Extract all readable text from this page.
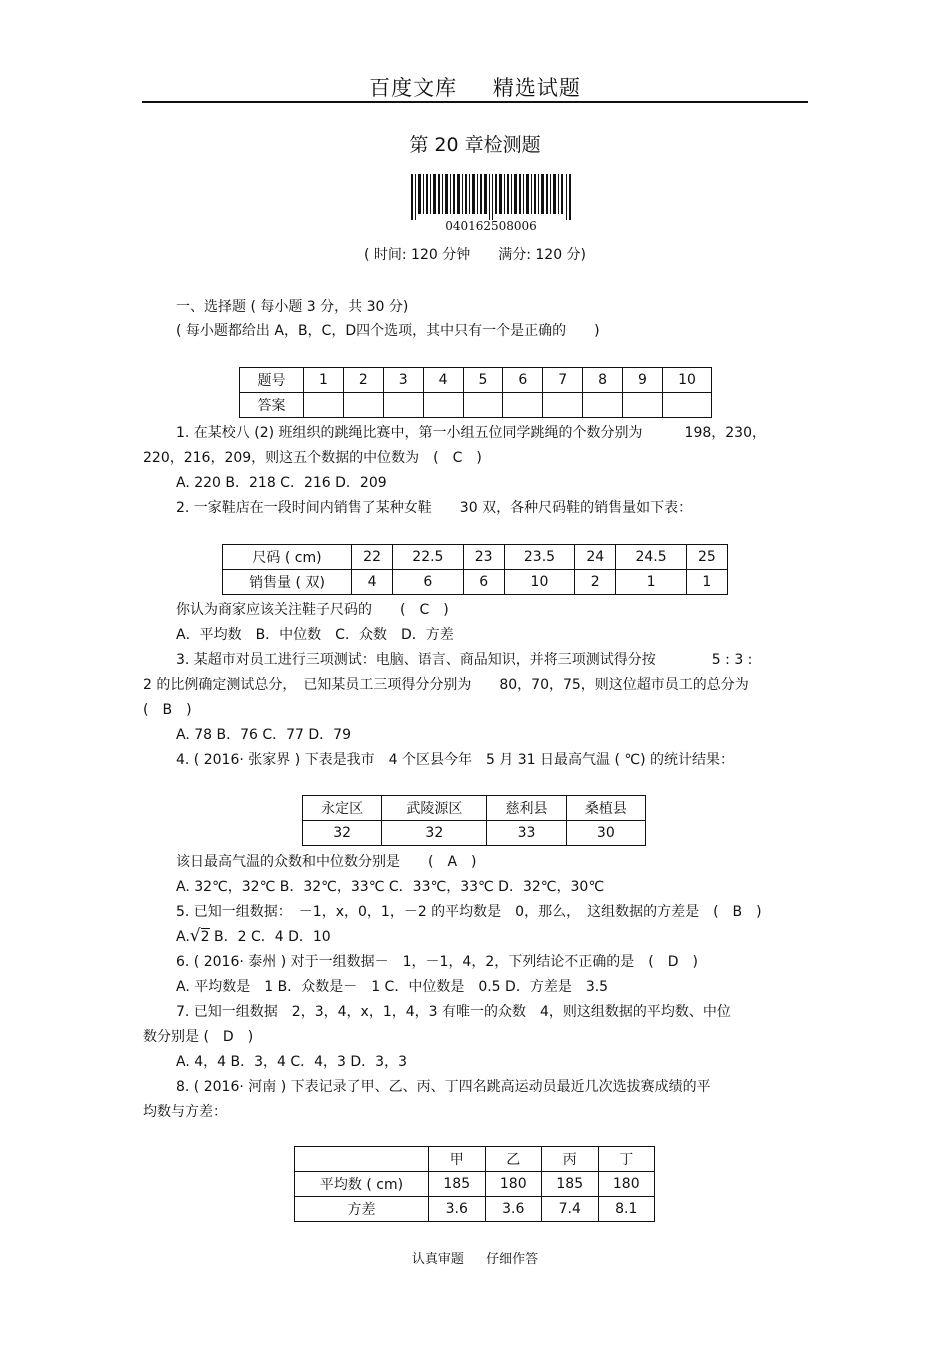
百度文库 精选试题
第 20 章检测题
040162508006
( 时间: 120 分钟　　满分: 120 分)
一、选择题 ( 每小题 3 分，共 30 分)
( 每小题都给出 A，B，C，D四个选项，其中只有一个是正确的　　)
题号	1	2	3	4	5	6	7	8	9	10
答案										
1. 在某校八 (2) 班组织的跳绳比赛中，第一小组五位同学跳绳的个数分别为　　　198，230，
220，216，209，则这五个数据的中位数为　(　C　)
A. 220 B．218 C．216 D．209
2. 一家鞋店在一段时间内销售了某种女鞋　　30 双，各种尺码鞋的销售量如下表：
尺码 ( cm)	22	22.5	23	23.5	24	24.5	25
销售量 ( 双)	4	6	6	10	2	1	1
你认为商家应该关注鞋子尺码的　　(　C　)
A．平均数　B．中位数　C．众数　D．方差
3. 某超市对员工进行三项测试：电脑、语言、商品知识，并将三项测试得分按　　　　5 : 3 :
2 的比例确定测试总分，　已知某员工三项得分分别为　　80，70，75，则这位超市员工的总分为
(　B　)
A. 78 B．76 C．77 D．79
4. ( 2016· 张家界 ) 下表是我市　4 个区县今年　5 月 31 日最高气温 ( ℃) 的统计结果：
永定区	武陵源区	慈利县	桑植县
32	32	33	30
该日最高气温的众数和中位数分别是　　(　A　)
A. 32℃，32℃ B．32℃，33℃ C．33℃，33℃ D．32℃，30℃
5. 已知一组数据：　－1，x，0，1，－2 的平均数是　0，那么，　这组数据的方差是　(　B　)
A.√2 B．2 C．4 D．10
6. ( 2016· 泰州 ) 对于一组数据－　1，－1，4，2，下列结论不正确的是　(　D　)
A. 平均数是　1 B．众数是－　1 C．中位数是　0.5 D．方差是　3.5
7. 已知一组数据　2，3，4，x，1，4，3 有唯一的众数　4，则这组数据的平均数、中位
数分别是 (　D　)
A. 4，4 B．3，4 C．4，3 D．3，3
8. ( 2016· 河南 ) 下表记录了甲、乙、丙、丁四名跳高运动员最近几次选拔赛成绩的平
均数与方差：
	甲	乙	丙	丁
平均数 ( cm)	185	180	185	180
方差	3.6	3.6	7.4	8.1
认真审题 仔细作答
